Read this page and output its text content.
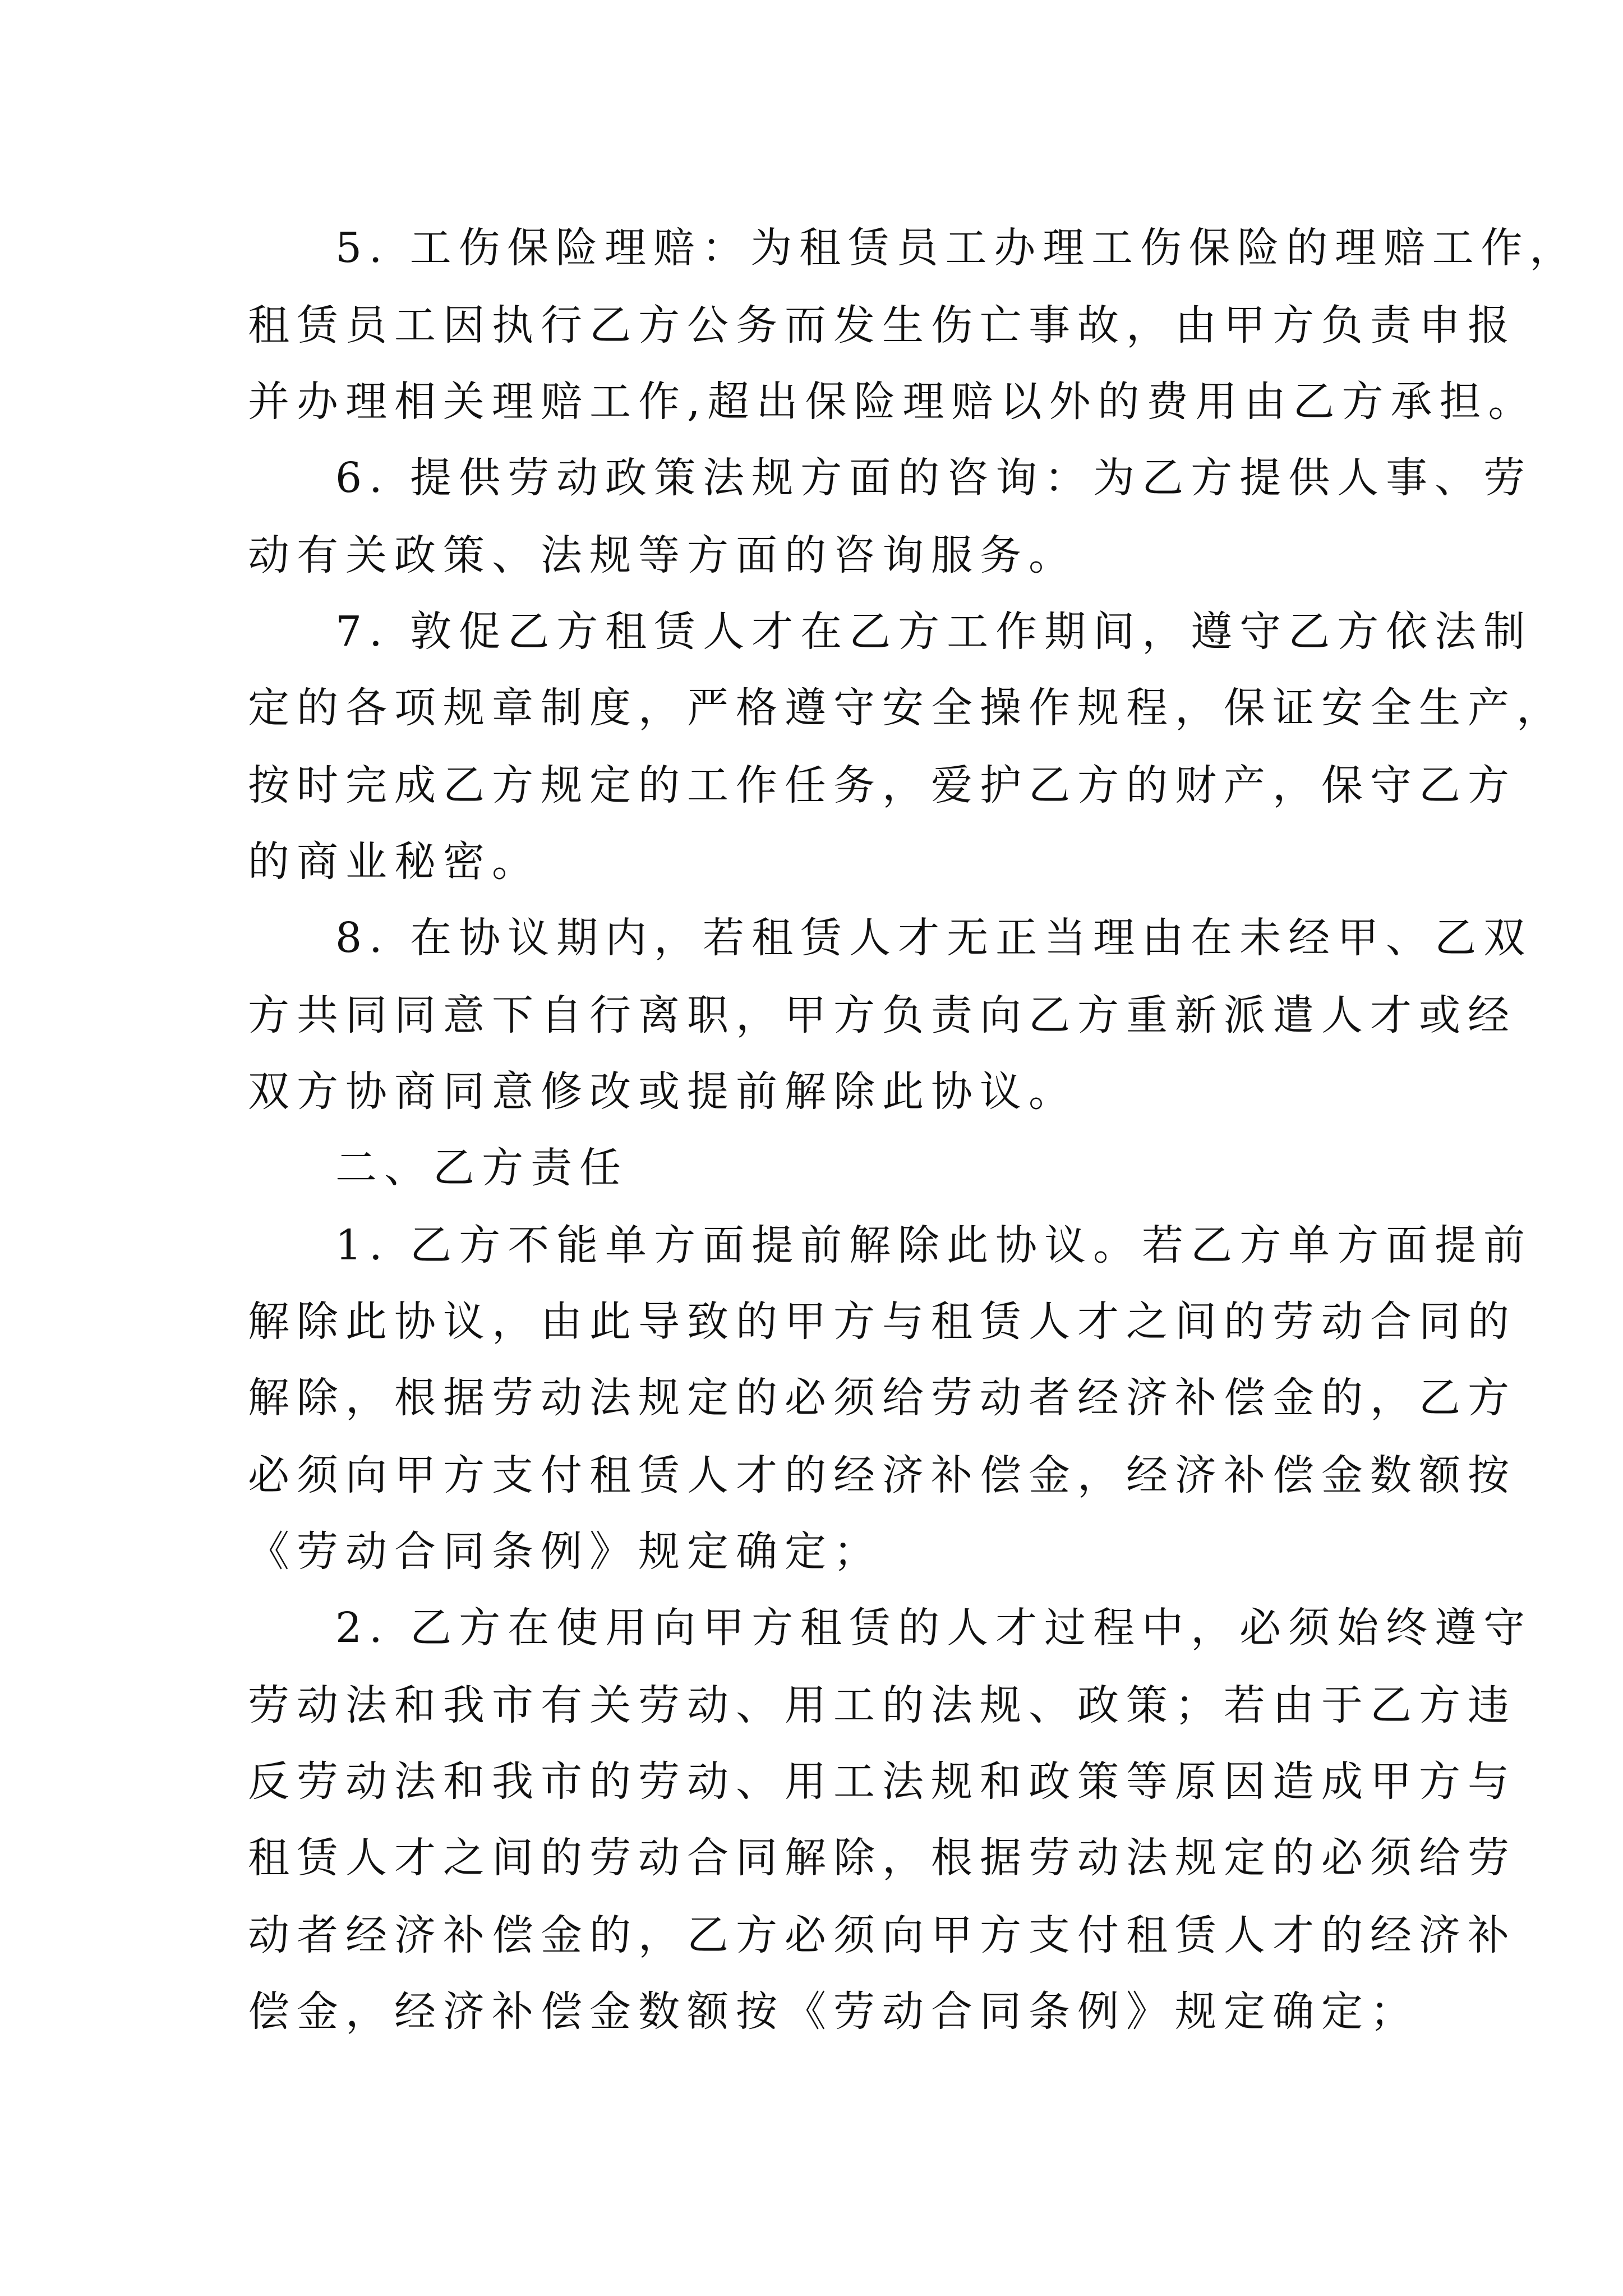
5. 工伤保险理赔：为租赁员工办理工伤保险的理赔工作，

租赁员工因执行乙方公务而发生伤亡事故，由甲方负责申报

并办理相关理赔工作,超出保险理赔以外的费用由乙方承担。

6. 提供劳动政策法规方面的咨询：为乙方提供人事、劳

动有关政策、法规等方面的咨询服务。

7. 敦促乙方租赁人才在乙方工作期间，遵守乙方依法制

定的各项规章制度，严格遵守安全操作规程，保证安全生产，

按时完成乙方规定的工作任务，爱护乙方的财产，保守乙方

的商业秘密。

8. 在协议期内，若租赁人才无正当理由在未经甲、乙双

方共同同意下自行离职，甲方负责向乙方重新派遣人才或经

双方协商同意修改或提前解除此协议。

二、乙方责任

1. 乙方不能单方面提前解除此协议。若乙方单方面提前

解除此协议，由此导致的甲方与租赁人才之间的劳动合同的

解除，根据劳动法规定的必须给劳动者经济补偿金的，乙方

必须向甲方支付租赁人才的经济补偿金，经济补偿金数额按

《劳动合同条例》规定确定；

2. 乙方在使用向甲方租赁的人才过程中，必须始终遵守

劳动法和我市有关劳动、用工的法规、政策；若由于乙方违

反劳动法和我市的劳动、用工法规和政策等原因造成甲方与

租赁人才之间的劳动合同解除，根据劳动法规定的必须给劳

动者经济补偿金的，乙方必须向甲方支付租赁人才的经济补

偿金，经济补偿金数额按《劳动合同条例》规定确定；
